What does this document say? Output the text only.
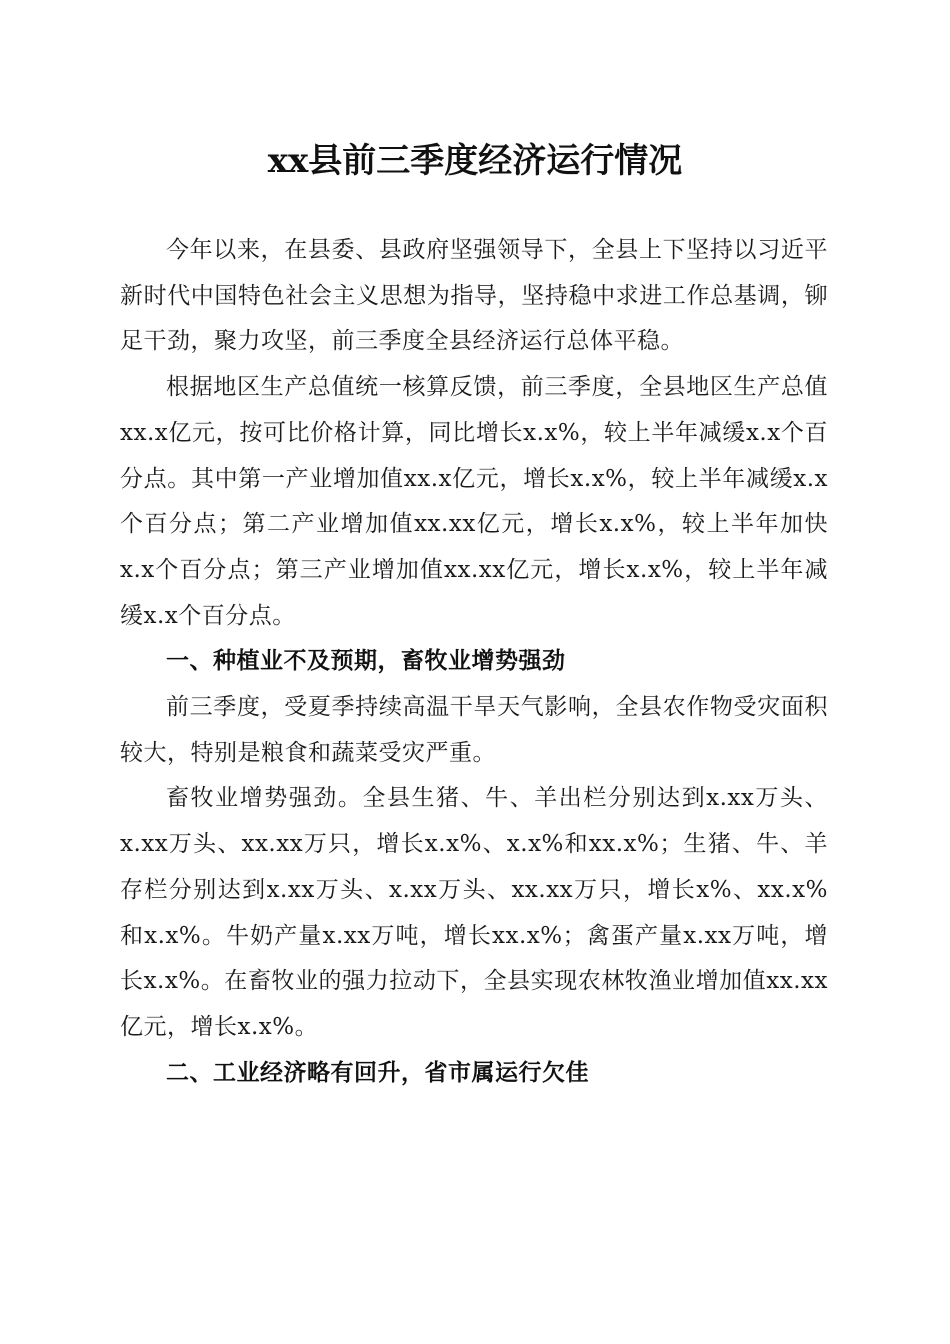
xx县前三季度经济运行情况

今年以来，在县委、县政府坚强领导下，全县上下坚持以习近平新时代中国特色社会主义思想为指导，坚持稳中求进工作总基调，铆足干劲，聚力攻坚，前三季度全县经济运行总体平稳。

根据地区生产总值统一核算反馈，前三季度，全县地区生产总值xx.x亿元，按可比价格计算，同比增长x.x%，较上半年减缓x.x个百分点。其中第一产业增加值xx.x亿元，增长x.x%，较上半年减缓x.x个百分点；第二产业增加值xx.xx亿元，增长x.x%，较上半年加快x.x个百分点；第三产业增加值xx.xx亿元，增长x.x%，较上半年减缓x.x个百分点。

一、种植业不及预期，畜牧业增势强劲

前三季度，受夏季持续高温干旱天气影响，全县农作物受灾面积较大，特别是粮食和蔬菜受灾严重。

畜牧业增势强劲。全县生猪、牛、羊出栏分别达到x.xx万头、x.xx万头、xx.xx万只，增长x.x%、x.x%和xx.x%；生猪、牛、羊存栏分别达到x.xx万头、x.xx万头、xx.xx万只，增长x%、xx.x%和x.x%。牛奶产量x.xx万吨，增长xx.x%；禽蛋产量x.xx万吨，增长x.x%。在畜牧业的强力拉动下，全县实现农林牧渔业增加值xx.xx亿元，增长x.x%。

二、工业经济略有回升，省市属运行欠佳
